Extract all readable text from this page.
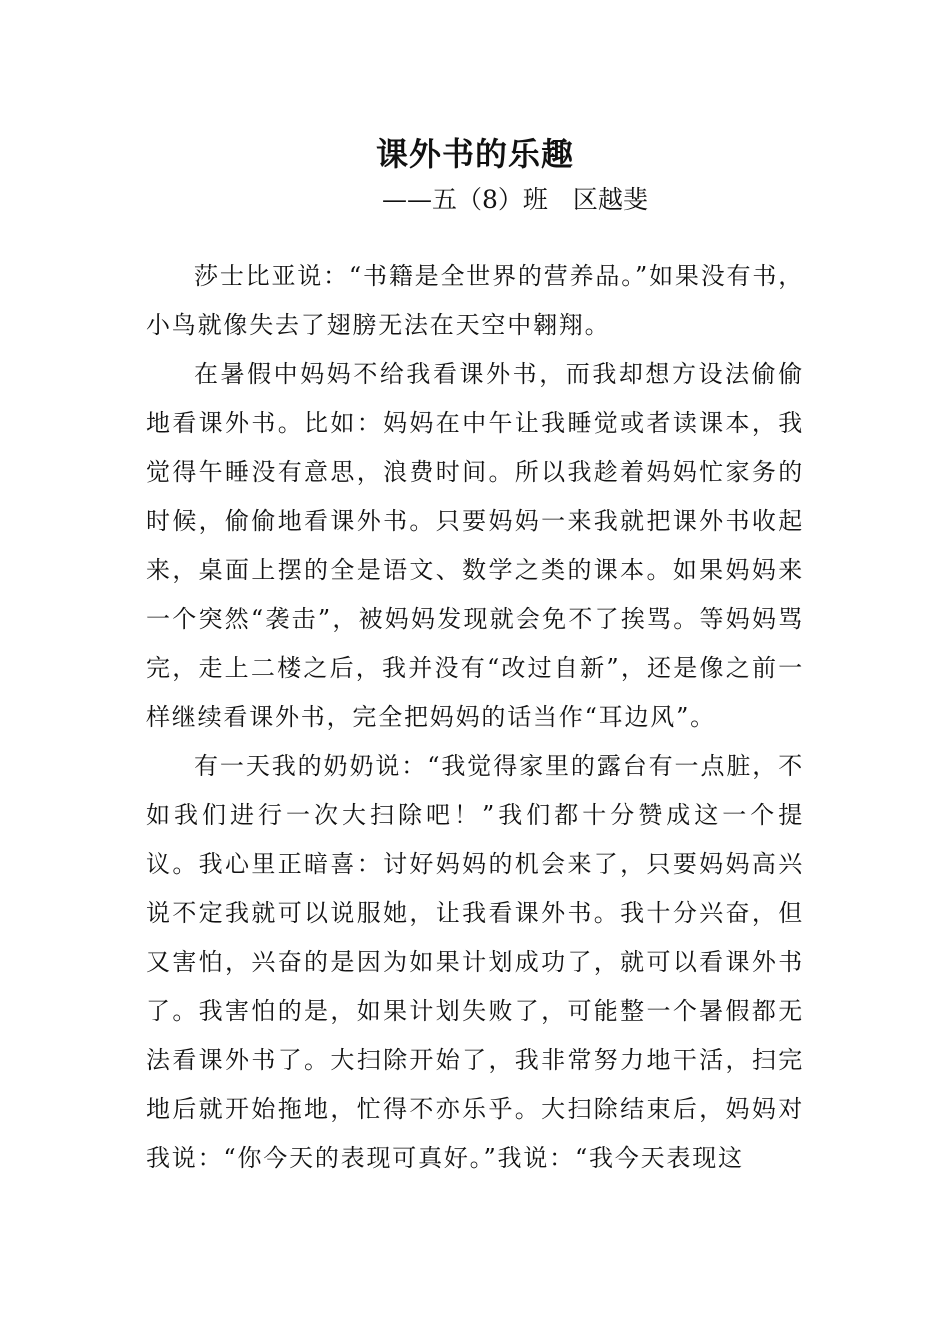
课外书的乐趣
——五（8）班　区越斐

莎士比亚说：“书籍是全世界的营养品。”如果没有书，小鸟就像失去了翅膀无法在天空中翱翔。

在暑假中妈妈不给我看课外书，而我却想方设法偷偷地看课外书。比如：妈妈在中午让我睡觉或者读课本，我觉得午睡没有意思，浪费时间。所以我趁着妈妈忙家务的时候，偷偷地看课外书。只要妈妈一来我就把课外书收起来，桌面上摆的全是语文、数学之类的课本。如果妈妈来一个突然“袭击”，被妈妈发现就会免不了挨骂。等妈妈骂完，走上二楼之后，我并没有“改过自新”，还是像之前一样继续看课外书，完全把妈妈的话当作“耳边风”。

有一天我的奶奶说：“我觉得家里的露台有一点脏，不如我们进行一次大扫除吧！”我们都十分赞成这一个提议。我心里正暗喜：讨好妈妈的机会来了，只要妈妈高兴说不定我就可以说服她，让我看课外书。我十分兴奋，但又害怕，兴奋的是因为如果计划成功了，就可以看课外书了。我害怕的是，如果计划失败了，可能整一个暑假都无法看课外书了。大扫除开始了，我非常努力地干活，扫完地后就开始拖地，忙得不亦乐乎。大扫除结束后，妈妈对我说：“你今天的表现可真好。”我说：“我今天表现这
